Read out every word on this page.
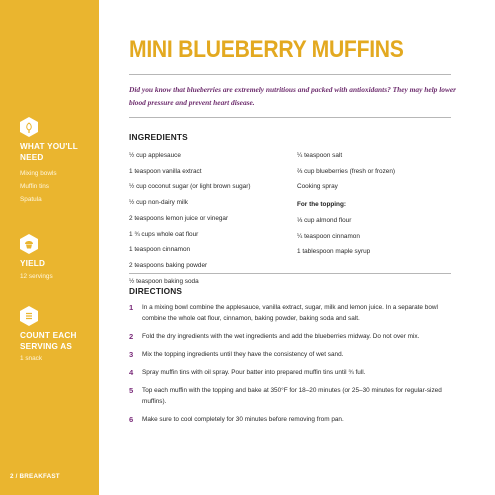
WHAT YOU'LL NEED
Mixing bowls
Muffin tins
Spatula
YIELD
12 servings
COUNT EACH SERVING AS
1 snack
2 / BREAKFAST
MINI BLUEBERRY MUFFINS

Did you know that blueberries are extremely nutritious and packed with antioxidants? They may help lower blood pressure and prevent heart disease.

INGREDIENTS
½ cup applesauce
1 teaspoon vanilla extract
½ cup coconut sugar (or light brown sugar)
½ cup non-dairy milk
2 teaspoons lemon juice or vinegar
1 ¾ cups whole oat flour
1 teaspoon cinnamon
2 teaspoons baking powder
½ teaspoon baking soda
¼ teaspoon salt
⅔ cup blueberries (fresh or frozen)
Cooking spray
For the topping:
⅓ cup almond flour
¼ teaspoon cinnamon
1 tablespoon maple syrup
DIRECTIONS
1	In a mixing bowl combine the applesauce, vanilla extract, sugar, milk and lemon juice. In a separate bowl combine the whole oat flour, cinnamon, baking powder, baking soda and salt.
2	Fold the dry ingredients with the wet ingredients and add the blueberries midway. Do not over mix.
3	Mix the topping ingredients until they have the consistency of wet sand.
4	Spray muffin tins with oil spray. Pour batter into prepared muffin tins until ¾ full.
5	Top each muffin with the topping and bake at 350°F for 18–20 minutes (or 25–30 minutes for regular-sized muffins).
6	Make sure to cool completely for 30 minutes before removing from pan.
